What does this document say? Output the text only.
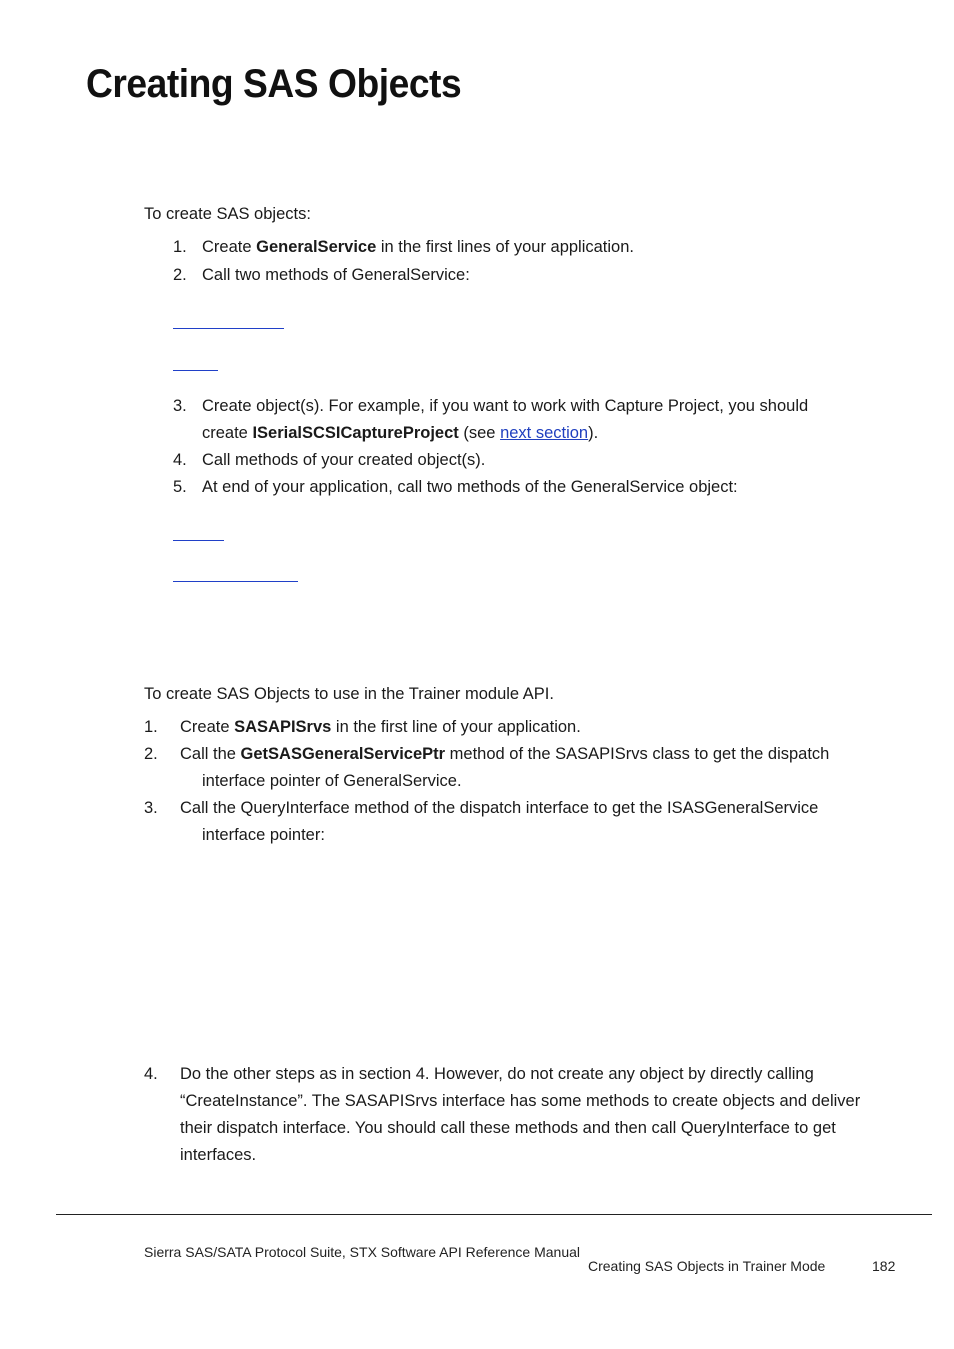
Creating SAS Objects
To create SAS objects:
1. Create GeneralService in the first lines of your application.
2. Call two methods of GeneralService:
3. Create object(s). For example, if you want to work with Capture Project, you should
create ISerialSCSICaptureProject (see next section).
4. Call methods of your created object(s).
5. At end of your application, call two methods of the GeneralService object:
To create SAS Objects to use in the Trainer module API.
1. Create SASAPISrvs in the first line of your application.
2. Call the GetSASGeneralServicePtr method of the SASAPISrvs class to get the dispatch
interface pointer of GeneralService.
3. Call the QueryInterface method of the dispatch interface to get the ISASGeneralService
interface pointer:
4. Do the other steps as in section 4. However, do not create any object by directly calling
“CreateInstance”. The SASAPISrvs interface has some methods to create objects and deliver
their dispatch interface. You should call these methods and then call QueryInterface to get
interfaces.
Sierra SAS/SATA Protocol Suite, STX Software API Reference Manual
Creating SAS Objects in Trainer Mode	182
